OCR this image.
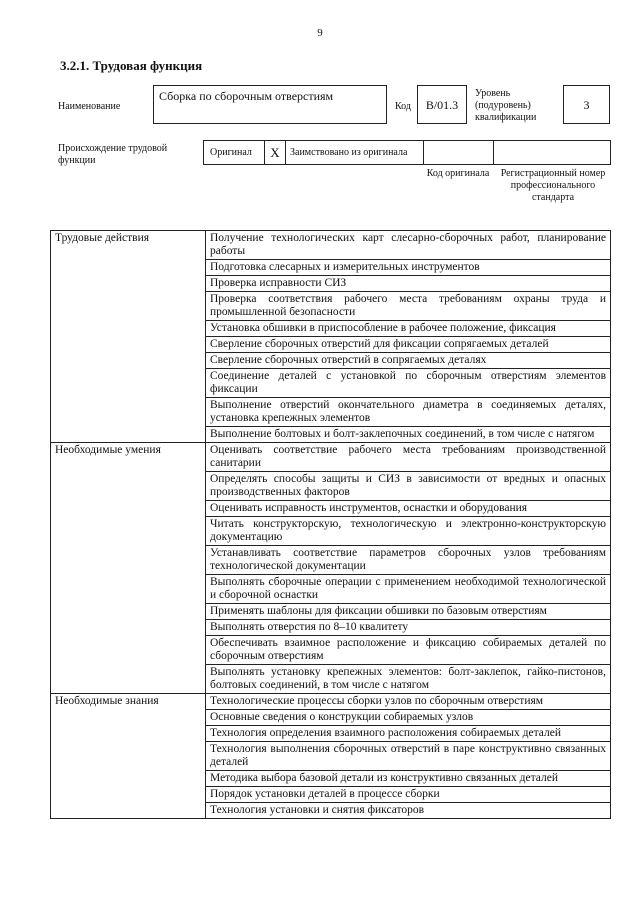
9
3.2.1. Трудовая функция
Наименование
Сборка по сборочным отверстиям
Код	B/01.3
Уровень (подуровень) квалификации
3
Происхождение трудовой функции
Оригинал	X	Заимствовано из оригинала
Код оригинала	Регистрационный номер профессионального стандарта
Трудовые действия	Получение технологических карт слесарно-сборочных работ, планирование работы
	Подготовка слесарных и измерительных инструментов
	Проверка исправности СИЗ
	Проверка соответствия рабочего места требованиям охраны труда и промышленной безопасности
	Установка обшивки в приспособление в рабочее положение, фиксация
	Сверление сборочных отверстий для фиксации сопрягаемых деталей
	Сверление сборочных отверстий в сопрягаемых деталях
	Соединение деталей с установкой по сборочным отверстиям элементов фиксации
	Выполнение отверстий окончательного диаметра в соединяемых деталях, установка крепежных элементов
	Выполнение болтовых и болт-заклепочных соединений, в том числе с натягом
Необходимые умения	Оценивать соответствие рабочего места требованиям производственной санитарии
	Определять способы защиты и СИЗ в зависимости от вредных и опасных производственных факторов
	Оценивать исправность инструментов, оснастки и оборудования
	Читать конструкторскую, технологическую и электронно-конструкторскую документацию
	Устанавливать соответствие параметров сборочных узлов требованиям технологической документации
	Выполнять сборочные операции с применением необходимой технологической и сборочной оснастки
	Применять шаблоны для фиксации обшивки по базовым отверстиям
	Выполнять отверстия по 8–10 квалитету
	Обеспечивать взаимное расположение и фиксацию собираемых деталей по сборочным отверстиям
	Выполнять установку крепежных элементов: болт-заклепок, гайко-пистонов, болтовых соединений, в том числе с натягом
Необходимые знания	Технологические процессы сборки узлов по сборочным отверстиям
	Основные сведения о конструкции собираемых узлов
	Технология определения взаимного расположения собираемых деталей
	Технология выполнения сборочных отверстий в паре конструктивно связанных деталей
	Методика выбора базовой детали из конструктивно связанных деталей
	Порядок установки деталей в процессе сборки
	Технология установки и снятия фиксаторов
